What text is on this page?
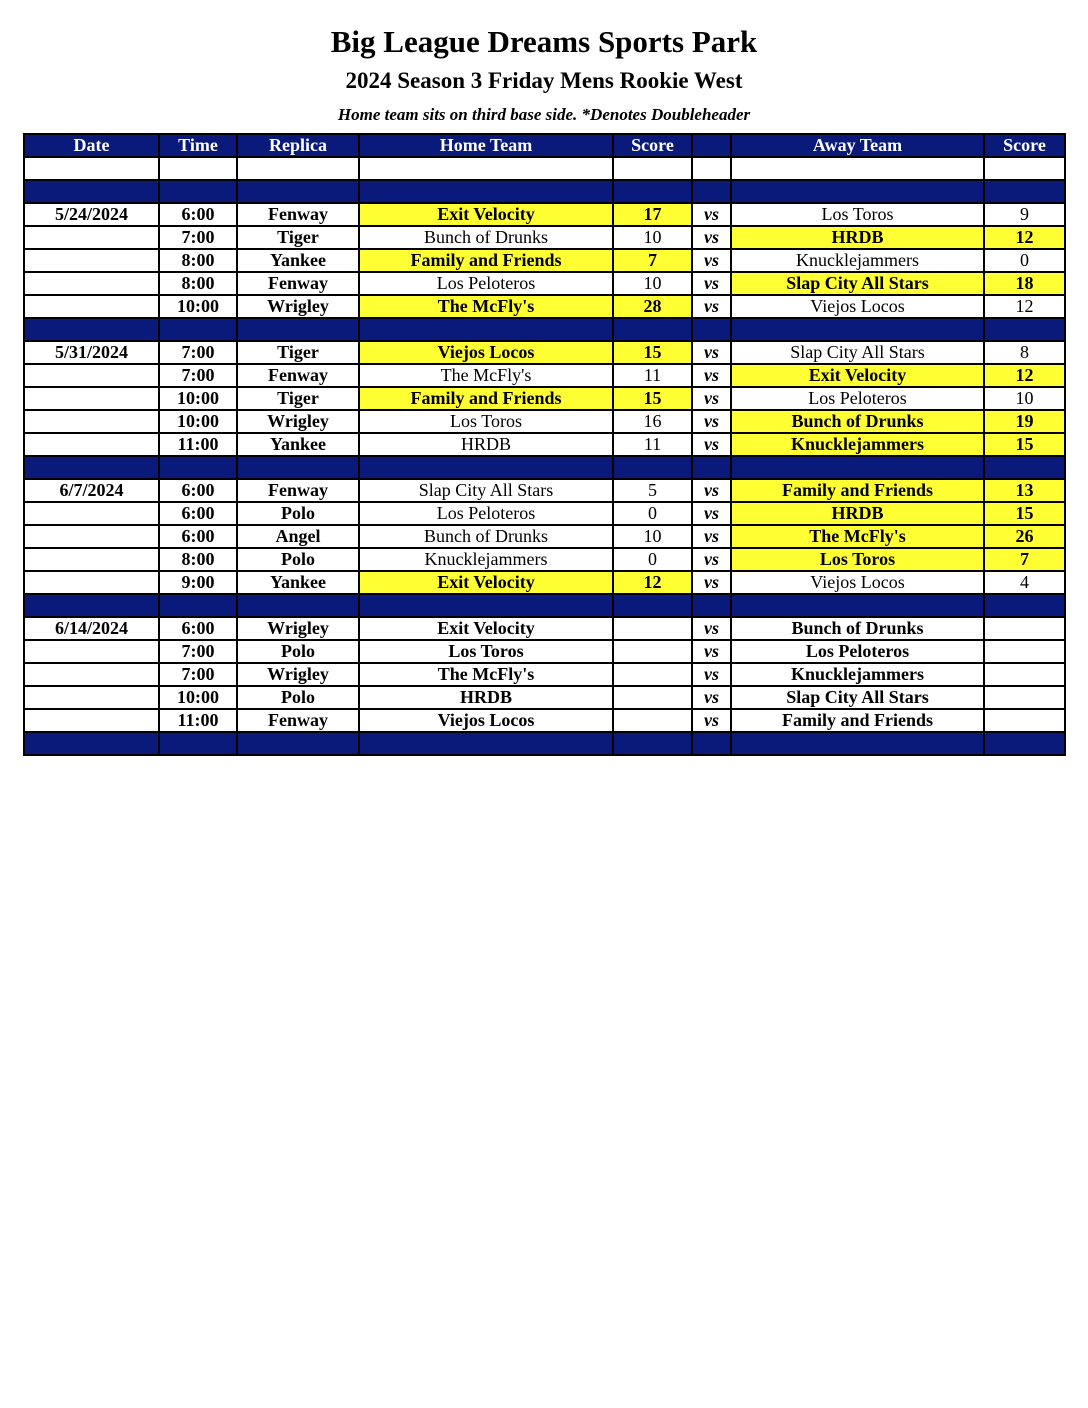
Big League Dreams Sports Park
2024 Season 3 Friday Mens Rookie West
Home team sits on third base side. *Denotes Doubleheader
Date	Time	Replica	Home Team	Score		Away Team	Score

5/24/2024	6:00	Fenway	Exit Velocity	17	vs	Los Toros	9
	7:00	Tiger	Bunch of Drunks	10	vs	HRDB	12
	8:00	Yankee	Family and Friends	7	vs	Knucklejammers	0
	8:00	Fenway	Los Peloteros	10	vs	Slap City All Stars	18
	10:00	Wrigley	The McFly's	28	vs	Viejos Locos	12

5/31/2024	7:00	Tiger	Viejos Locos	15	vs	Slap City All Stars	8
	7:00	Fenway	The McFly's	11	vs	Exit Velocity	12
	10:00	Tiger	Family and Friends	15	vs	Los Peloteros	10
	10:00	Wrigley	Los Toros	16	vs	Bunch of Drunks	19
	11:00	Yankee	HRDB	11	vs	Knucklejammers	15

6/7/2024	6:00	Fenway	Slap City All Stars	5	vs	Family and Friends	13
	6:00	Polo	Los Peloteros	0	vs	HRDB	15
	6:00	Angel	Bunch of Drunks	10	vs	The McFly's	26
	8:00	Polo	Knucklejammers	0	vs	Los Toros	7
	9:00	Yankee	Exit Velocity	12	vs	Viejos Locos	4

6/14/2024	6:00	Wrigley	Exit Velocity		vs	Bunch of Drunks	
	7:00	Polo	Los Toros		vs	Los Peloteros	
	7:00	Wrigley	The McFly's		vs	Knucklejammers	
	10:00	Polo	HRDB		vs	Slap City All Stars	
	11:00	Fenway	Viejos Locos		vs	Family and Friends	
